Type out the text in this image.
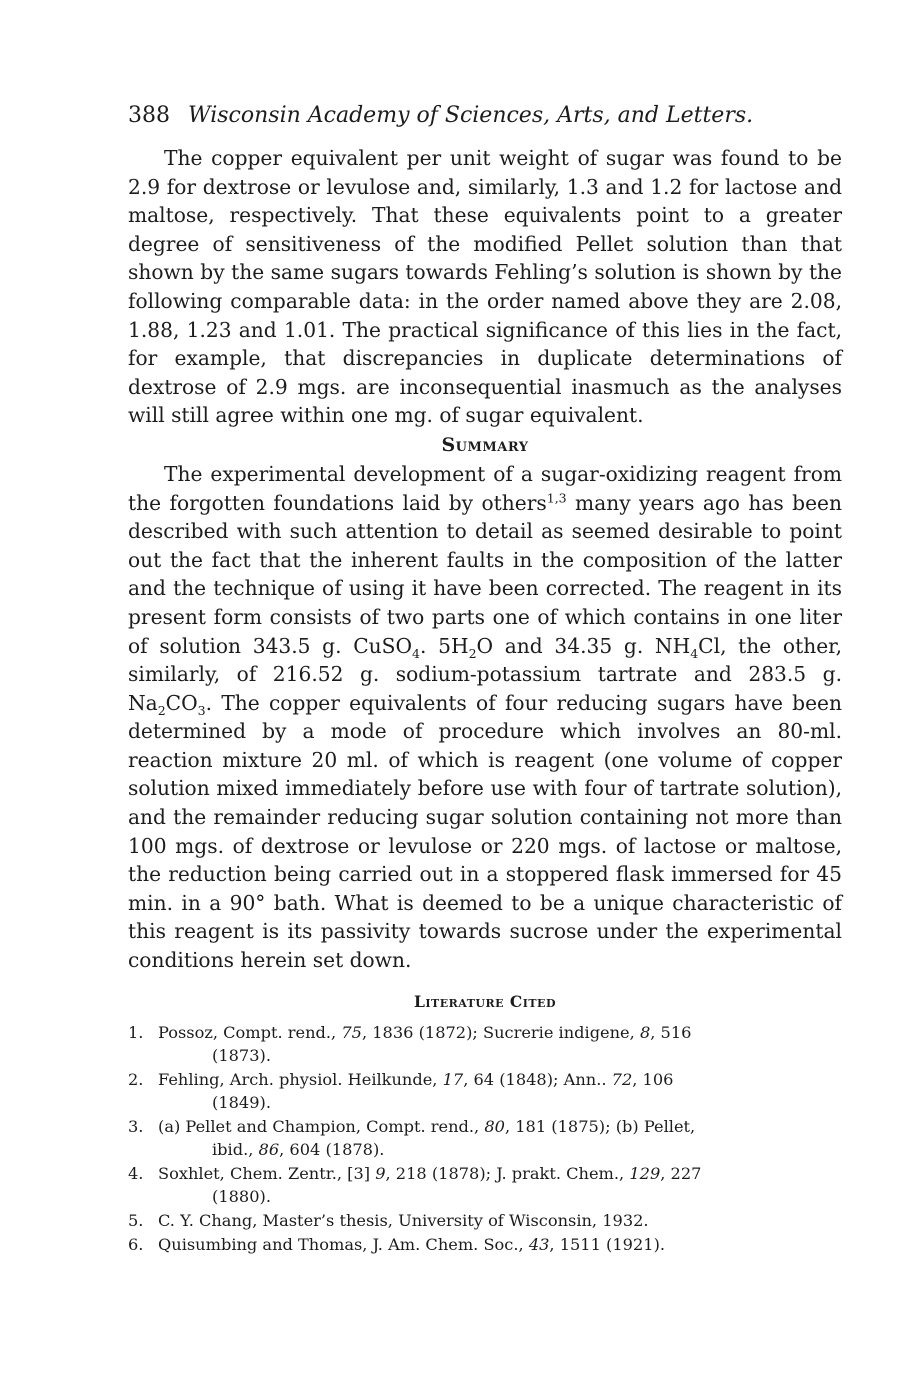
388 Wisconsin Academy of Sciences, Arts, and Letters.

The copper equivalent per unit weight of sugar was found to be 2.9 for dextrose or levulose and, similarly, 1.3 and 1.2 for lactose and maltose, respectively. That these equivalents point to a greater degree of sensitiveness of the modified Pellet solution than that shown by the same sugars towards Fehling’s solution is shown by the following comparable data: in the order named above they are 2.08, 1.88, 1.23 and 1.01. The practical significance of this lies in the fact, for example, that discrepancies in duplicate determinations of dextrose of 2.9 mgs. are inconsequential inasmuch as the analyses will still agree within one mg. of sugar equivalent.

Summary

The experimental development of a sugar-oxidizing reagent from the forgotten foundations laid by others$^{1,3}$ many years ago has been described with such attention to detail as seemed desirable to point out the fact that the inherent faults in the composition of the latter and the technique of using it have been corrected. The reagent in its present form consists of two parts one of which contains in one liter of solution 343.5 g. CuSO$_4$. $5H_2O$ and 34.35 g. $NH_4Cl$, the other, similarly, of 216.52 g. sodium-potassium tartrate and 283.5 g. $Na_2CO_3$. The copper equivalents of four reducing sugars have been determined by a mode of procedure which involves an 80-ml. reaction mixture 20 ml. of which is reagent (one volume of copper solution mixed immediately before use with four of tartrate solution), and the remainder reducing sugar solution containing not more than 100 mgs. of dextrose or levulose or 220 mgs. of lactose or maltose, the reduction being carried out in a stoppered flask immersed for 45 min. in a 90° bath. What is deemed to be a unique characteristic of this reagent is its passivity towards sucrose under the experimental conditions herein set down.

Literature Cited
1. Possoz, Compt. rend., 75, 1836 (1872); Sucrerie indigene, 8, 516
(1873).
2. Fehling, Arch. physiol. Heilkunde, 17, 64 (1848); Ann.. 72, 106
(1849).
3. (a) Pellet and Champion, Compt. rend., 80, 181 (1875); (b) Pellet,
ibid., 86, 604 (1878).
4. Soxhlet, Chem. Zentr., [3] 9, 218 (1878); J. prakt. Chem., 129, 227
(1880).
5. C. Y. Chang, Master’s thesis, University of Wisconsin, 1932.
6. Quisumbing and Thomas, J. Am. Chem. Soc., 43, 1511 (1921).
